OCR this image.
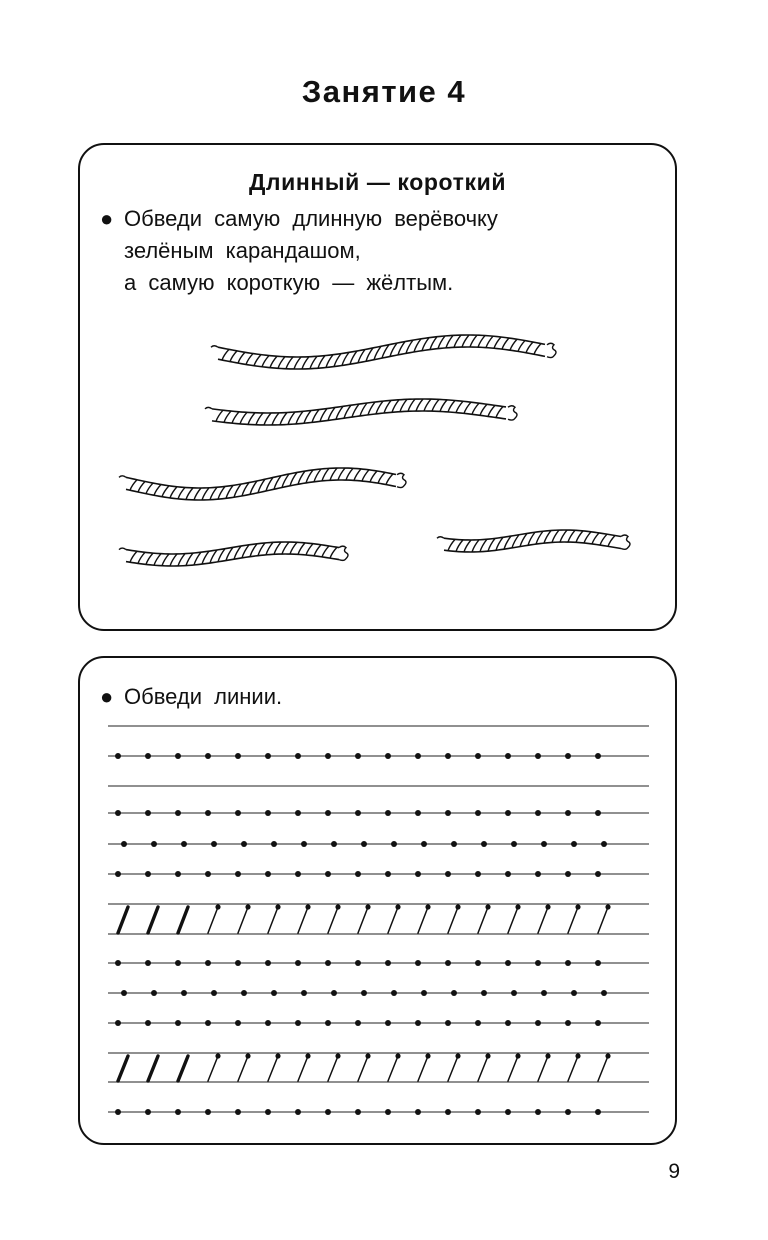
Занятие 4
Длинный — короткий
● Обведи самую длинную верёвочку
зелёным карандашом,
а самую короткую — жёлтым.
● Обведи линии.
9
